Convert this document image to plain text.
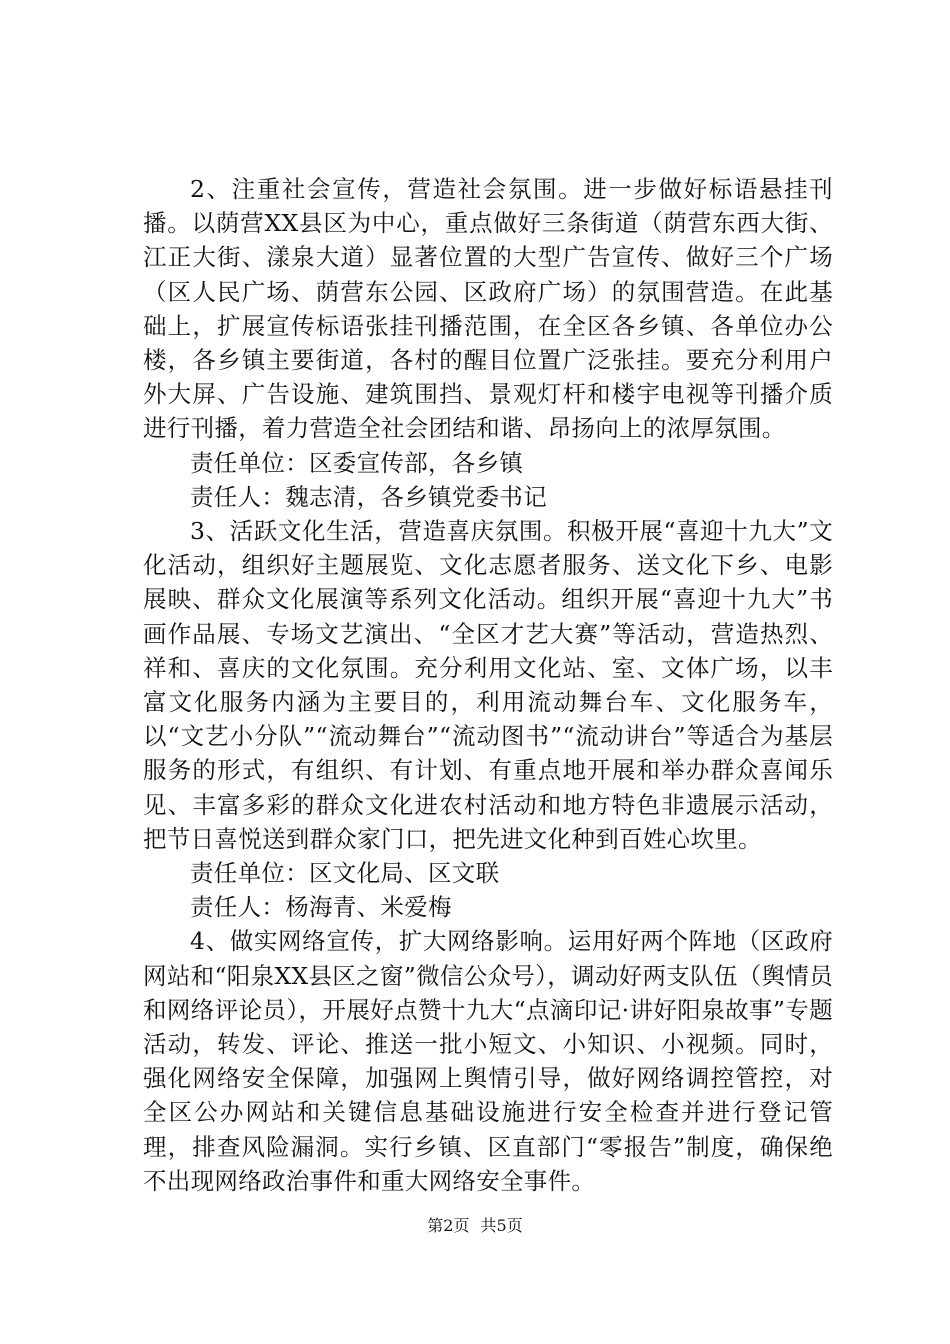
2、注重社会宣传，营造社会氛围。进一步做好标语悬挂刊播。以荫营XX县区为中心，重点做好三条街道（荫营东西大街、江正大街、漾泉大道）显著位置的大型广告宣传、做好三个广场（区人民广场、荫营东公园、区政府广场）的氛围营造。在此基础上，扩展宣传标语张挂刊播范围，在全区各乡镇、各单位办公楼，各乡镇主要街道，各村的醒目位置广泛张挂。要充分利用户外大屏、广告设施、建筑围挡、景观灯杆和楼宇电视等刊播介质进行刊播，着力营造全社会团结和谐、昂扬向上的浓厚氛围。

责任单位：区委宣传部，各乡镇

责任人：魏志清，各乡镇党委书记

3、活跃文化生活，营造喜庆氛围。积极开展“喜迎十九大”文化活动，组织好主题展览、文化志愿者服务、送文化下乡、电影展映、群众文化展演等系列文化活动。组织开展“喜迎十九大”书画作品展、专场文艺演出、“全区才艺大赛”等活动，营造热烈、祥和、喜庆的文化氛围。充分利用文化站、室、文体广场，以丰富文化服务内涵为主要目的，利用流动舞台车、文化服务车，以“文艺小分队”“流动舞台”“流动图书”“流动讲台”等适合为基层服务的形式，有组织、有计划、有重点地开展和举办群众喜闻乐见、丰富多彩的群众文化进农村活动和地方特色非遗展示活动，把节日喜悦送到群众家门口，把先进文化种到百姓心坎里。

责任单位：区文化局、区文联

责任人：杨海青、米爱梅

4、做实网络宣传，扩大网络影响。运用好两个阵地（区政府网站和“阳泉XX县区之窗”微信公众号），调动好两支队伍（舆情员和网络评论员），开展好点赞十九大“点滴印记·讲好阳泉故事”专题活动，转发、评论、推送一批小短文、小知识、小视频。同时，强化网络安全保障，加强网上舆情引导，做好网络调控管控，对全区公办网站和关键信息基础设施进行安全检查并进行登记管理，排查风险漏洞。实行乡镇、区直部门“零报告”制度，确保绝不出现网络政治事件和重大网络安全事件。

第2页 共5页
